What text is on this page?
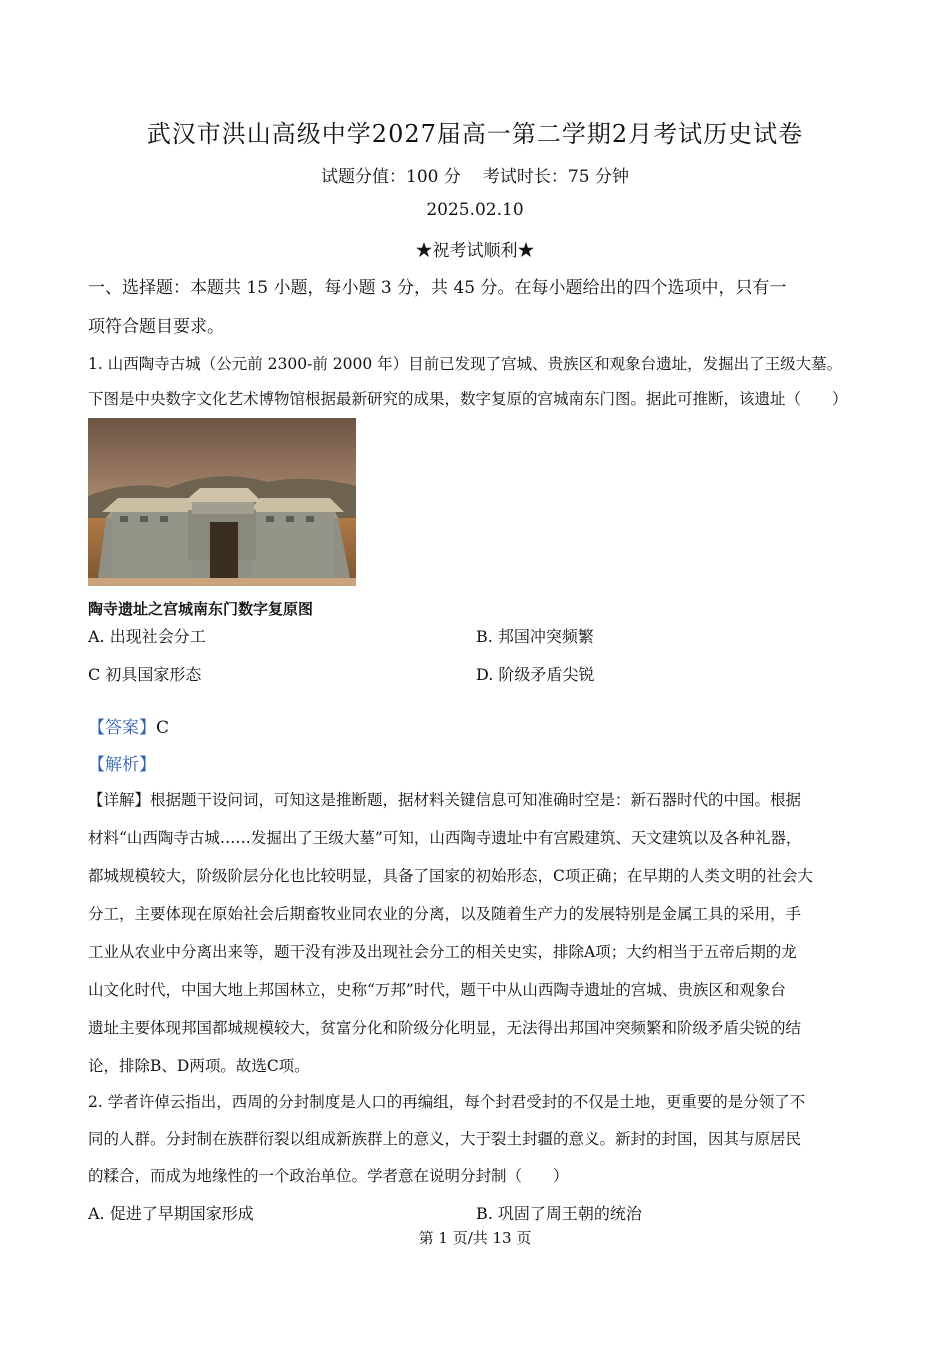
武汉市洪山高级中学2027届高一第二学期2月考试历史试卷
试题分值：100 分 考试时长：75 分钟
2025.02.10
★祝考试顺利★
一、选择题：本题共 15 小题，每小题 3 分，共 45 分。在每小题给出的四个选项中，只有一
项符合题目要求。
1. 山西陶寺古城（公元前 2300-前 2000 年）目前已发现了宫城、贵族区和观象台遗址，发掘出了王级大墓。
下图是中央数字文化艺术博物馆根据最新研究的成果，数字复原的宫城南东门图。据此可推断，该遗址（　　）
陶寺遗址之宫城南东门数字复原图
A. 出现社会分工	B. 邦国冲突频繁
C 初具国家形态	D. 阶级矛盾尖锐
【答案】C
【解析】
【详解】根据题干设问词，可知这是推断题，据材料关键信息可知准确时空是：新石器时代的中国。根据
材料“山西陶寺古城……发掘出了王级大墓”可知，山西陶寺遗址中有宫殿建筑、天文建筑以及各种礼器，
都城规模较大，阶级阶层分化也比较明显，具备了国家的初始形态，C项正确；在早期的人类文明的社会大
分工，主要体现在原始社会后期畜牧业同农业的分离，以及随着生产力的发展特别是金属工具的采用，手
工业从农业中分离出来等，题干没有涉及出现社会分工的相关史实，排除A项；大约相当于五帝后期的龙
山文化时代，中国大地上邦国林立，史称“万邦”时代，题干中从山西陶寺遗址的宫城、贵族区和观象台
遗址主要体现邦国都城规模较大，贫富分化和阶级分化明显，无法得出邦国冲突频繁和阶级矛盾尖锐的结
论，排除B、D两项。故选C项。
2. 学者许倬云指出，西周的分封制度是人口的再编组，每个封君受封的不仅是土地，更重要的是分领了不
同的人群。分封制在族群衍裂以组成新族群上的意义，大于裂土封疆的意义。新封的封国，因其与原居民
的糅合，而成为地缘性的一个政治单位。学者意在说明分封制（　　）
A. 促进了早期国家形成	B. 巩固了周王朝的统治
第 1 页/共 13 页
